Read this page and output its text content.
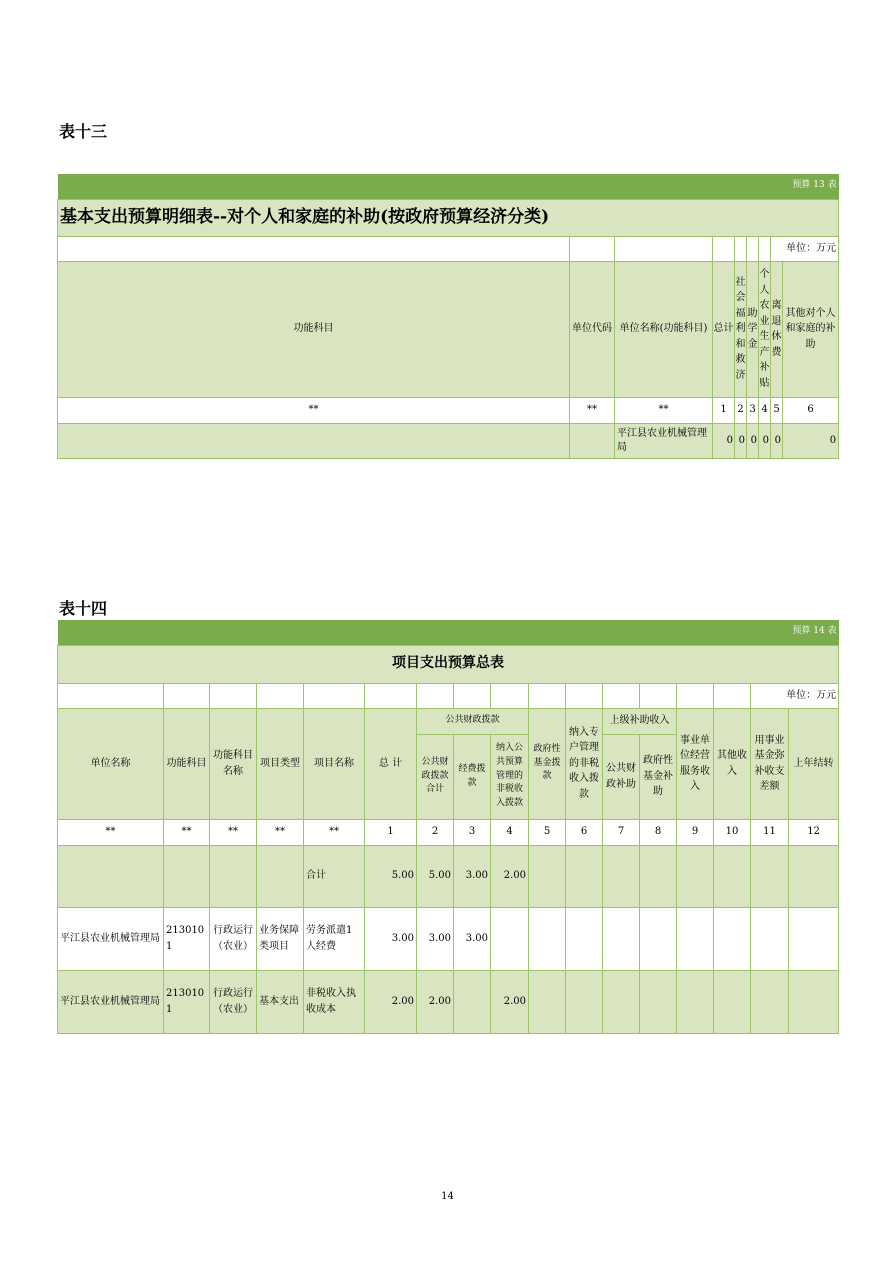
表十三
预算 13 表								
基本支出预算明细表--对个人和家庭的补助(按政府预算经济分类)								
							单位：万元	
功能科目	单位代码	单位名称(功能科目)	总计	社会福利和救济	助学金	个人农业生产补贴	离退休费	其他对个人和家庭的补助
**	**	**	1	2	3	4	5	6
		平江县农业机械管理局	0	0	0	0	0	0
表十四
预算 14 表																
项目支出预算总表																
															单位：万元	
单位名称	功能科目	功能科目名称	项目类型	项目名称	总 计	公共财政拨款			政府性基金拨款	纳入专户管理的非税收入拨款	上级补助收入		事业单位经营服务收入	其他收入	用事业基金弥补收支差额	上年结转
						公共财政拨款合计	经费拨款	纳入公共预算管理的非税收入拨款			公共财政补助	政府性基金补助				
**	**	**	**	**	1	2	3	4	5	6	7	8	9	10	11	12
				合计	5.00	5.00	3.00	2.00								
平江县农业机械管理局	2130101	行政运行（农业）	业务保障类项目	劳务派遣1人经费	3.00	3.00	3.00									
平江县农业机械管理局	2130101	行政运行（农业）	基本支出	非税收入执收成本	2.00	2.00		2.00								
14
